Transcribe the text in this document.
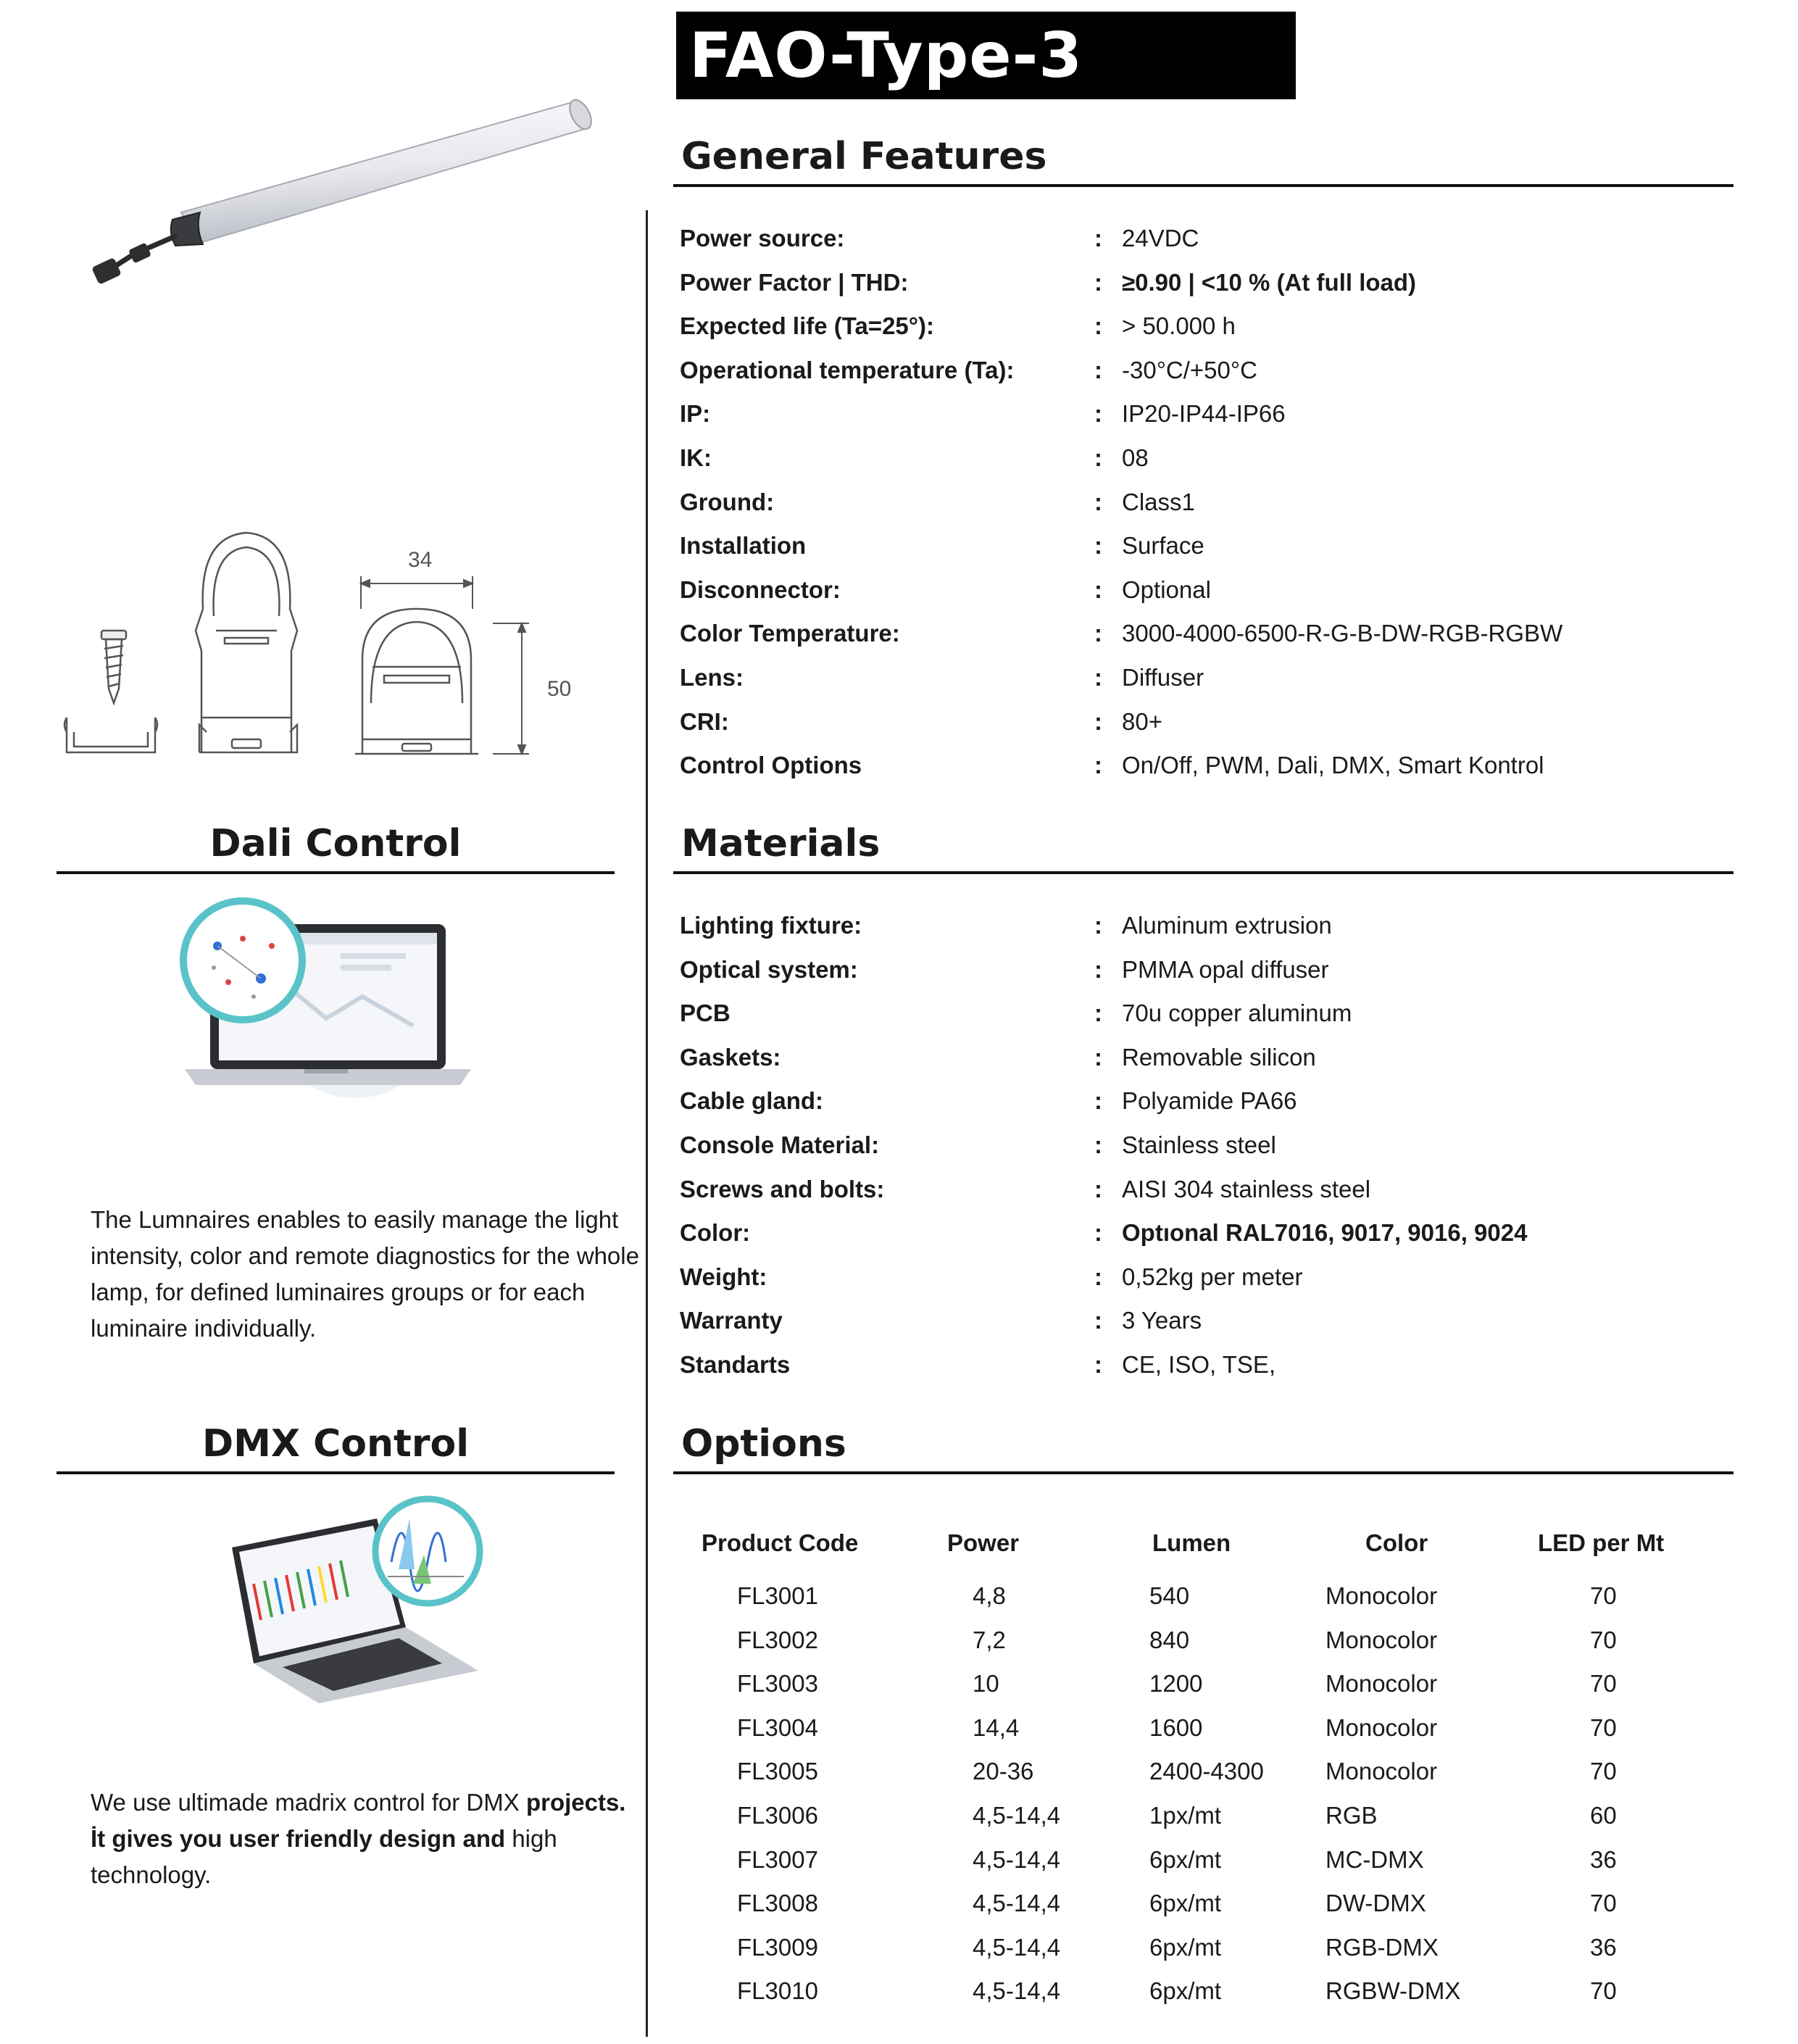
FAO-Type-3
34
50
General Features
Power source:	: 24VDC
Power Factor | THD:	: ≥0.90 | <10 % (At full load)
Expected life (Ta=25°):	: > 50.000 h
Operational temperature (Ta):	: -30°C/+50°C
IP:	: IP20-IP44-IP66
IK:	: 08
Ground:	: Class1
Installation	: Surface
Disconnector:	: Optional
Color Temperature:	: 3000-4000-6500-R-G-B-DW-RGB-RGBW
Lens:	: Diffuser
CRI:	: 80+
Control Options	: On/Off, PWM, Dali, DMX, Smart Kontrol
Materials
Lighting fixture:	: Aluminum extrusion
Optical system:	: PMMA opal diffuser
PCB	: 70u copper aluminum
Gaskets:	: Removable silicon
Cable gland:	: Polyamide PA66
Console Material:	: Stainless steel
Screws and bolts:	: AISI 304 stainless steel
Color:	: Optıonal RAL7016, 9017, 9016, 9024
Weight:	: 0,52kg per meter
Warranty	: 3 Years
Standarts	: CE, ISO, TSE,
Options
Product Code	Power	Lumen	Color	LED per Mt
FL3001	4,8	540	Monocolor	70
FL3002	7,2	840	Monocolor	70
FL3003	10	1200	Monocolor	70
FL3004	14,4	1600	Monocolor	70
FL3005	20-36	2400-4300	Monocolor	70
FL3006	4,5-14,4	1px/mt	RGB	60
FL3007	4,5-14,4	6px/mt	MC-DMX	36
FL3008	4,5-14,4	6px/mt	DW-DMX	70
FL3009	4,5-14,4	6px/mt	RGB-DMX	36
FL3010	4,5-14,4	6px/mt	RGBW-DMX	70
Dali Control
The Lumnaires enables to easily manage the light intensity, color and remote diagnostics for the whole lamp, for defined luminaires groups or for each luminaire individually.
DMX Control
We use ultimade madrix control for DMX projects. İt gives you user friendly design and high technology.
